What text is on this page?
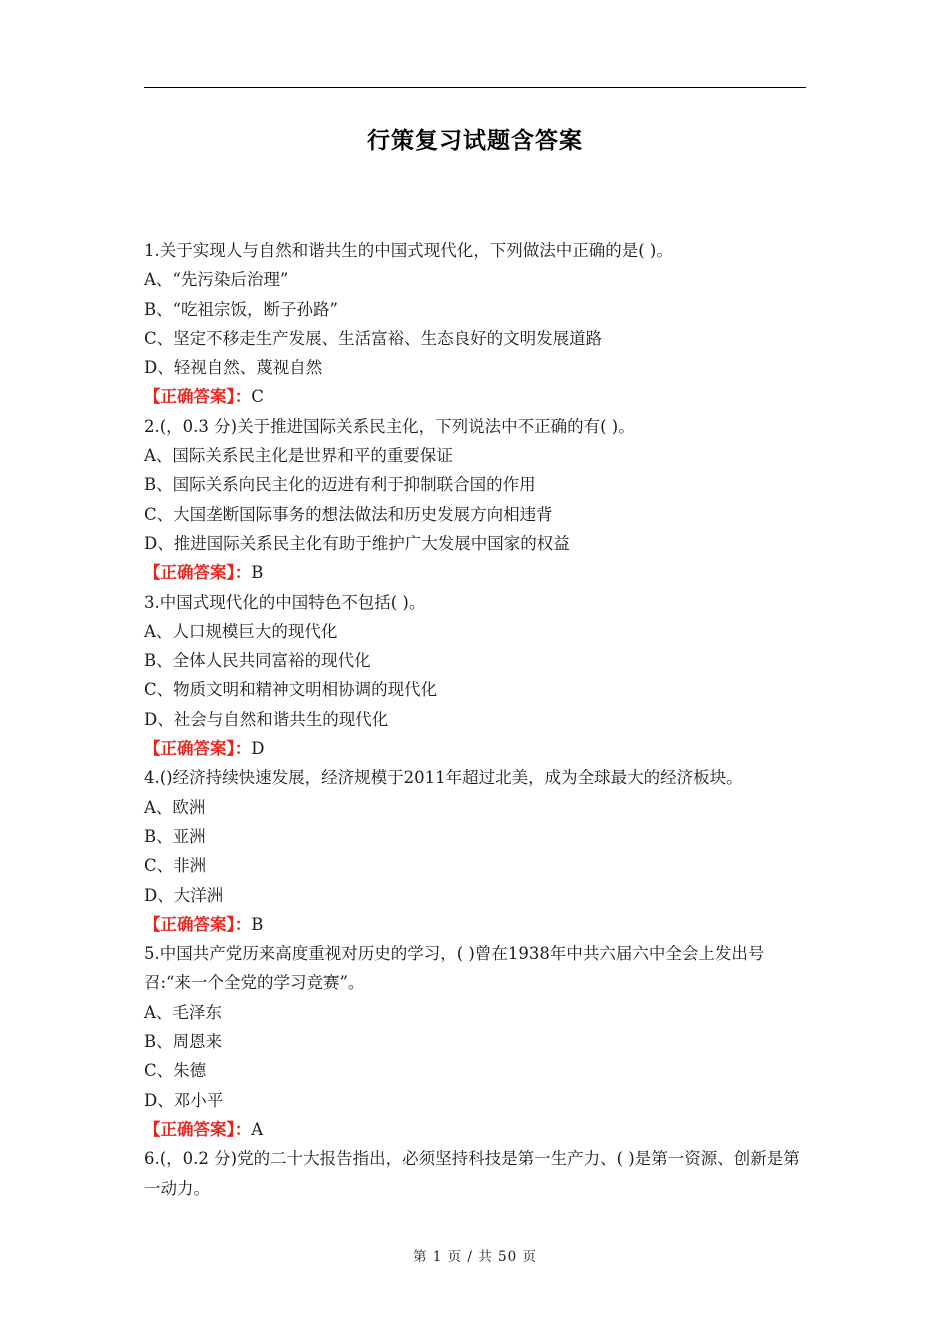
行策复习试题含答案
1.关于实现人与自然和谐共生的中国式现代化，下列做法中正确的是( )。
A、“先污染后治理”
B、“吃祖宗饭，断子孙路”
C、坚定不移走生产发展、生活富裕、生态良好的文明发展道路
D、轻视自然、蔑视自然
【正确答案】：C
2.(，0.3 分)关于推进国际关系民主化，下列说法中不正确的有( )。
A、国际关系民主化是世界和平的重要保证
B、国际关系向民主化的迈进有利于抑制联合国的作用
C、大国垄断国际事务的想法做法和历史发展方向相违背
D、推进国际关系民主化有助于维护广大发展中国家的权益
【正确答案】：B
3.中国式现代化的中国特色不包括( )。
A、人口规模巨大的现代化
B、全体人民共同富裕的现代化
C、物质文明和精神文明相协调的现代化
D、社会与自然和谐共生的现代化
【正确答案】：D
4.()经济持续快速发展，经济规模于2011年超过北美，成为全球最大的经济板块。
A、欧洲
B、亚洲
C、非洲
D、大洋洲
【正确答案】：B
5.中国共产党历来高度重视对历史的学习，( )曾在1938年中共六届六中全会上发出号召:“来一个全党的学习竞赛”。
A、毛泽东
B、周恩来
C、朱德
D、邓小平
【正确答案】：A
6.(，0.2 分)党的二十大报告指出，必须坚持科技是第一生产力、( )是第一资源、创新是第一动力。
第 1 页 / 共 50 页
